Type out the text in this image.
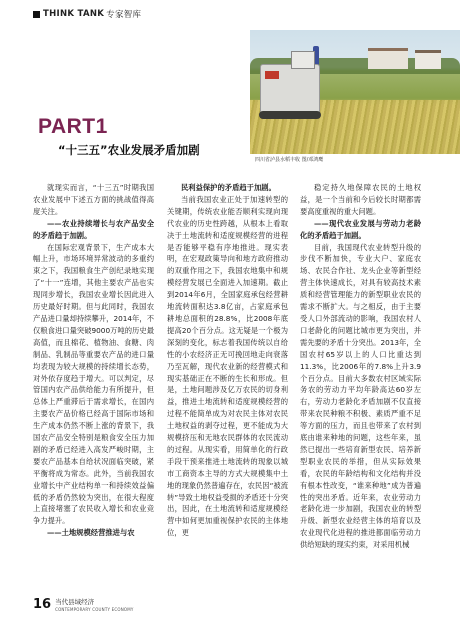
THINK TANK 专家智库
四川省泸县水稻丰收 图/邓鸿鹰
PART1
“十三五”农业发展矛盾加剧

就现实而言，“十三五”时期我国农业发展中下述五方面的挑战值得高度关注。

——农业持续增长与农产品安全的矛盾趋于加剧。

在国际宏观背景下，生产成本大幅上升，市场环境异常波动的多重约束之下，我国粮食生产创纪录地实现了“十一”连增，其他主要农产品也实现同步增长，我国农业增长因此进入历史最好时期。但与此同时，我国农产品进口量却持续攀升，2014年，不仅粮食进口量突破9000万吨的历史最高值，而且棉花、植物油、食糖、肉制品、乳制品等重要农产品的进口量均表现为较大规模的持续增长态势，对外依存度趋于增大。可以判定，尽管国内农产品供给能力有所提升，但总体上严重滞后于需求增长，在国内主要农产品价格已经高于国际市场和生产成本仍然不断上涨的背景下，我国农产品安全特别是粮食安全压力加剧的矛盾已经进入高发严峻时期，主要农产品基本自给状况面临突破，紧平衡将成为常态。此外，当前我国农业增长中产业结构单一和持续效益偏低的矛盾仍然较为突出，在很大程度上直接堵塞了农民收入增长和农业竞争力提升。

——土地规模经营推进与农

民利益保护的矛盾趋于加剧。

当前我国农业正处于加速转型的关键期，传统农业能否顺利实现向现代农业的历史性跨越，从根本上看取决于土地流转和适度规模经营的进程是否能够平稳有序地推进。现实表明，在宏观政策导向和地方政府推动的双重作用之下，我国农地集中和规模经营发展已全面进入加速期。截止到2014年6月，全国家庭承包经营耕地流转面积达3.8亿亩，占家庭承包耕地总面积的28.8%，比2008年底提高20个百分点。这无疑是一个极为深刻的变化，标志着我国传统以自给性的小农经济正无可挽回地走向衰落乃至瓦解，现代农业新的经营模式和现实基础正在不断的生长和形成。但是，土地问题涉及亿万农民的切身利益，推进土地流转和适度规模经营的过程不能简单成为对农民主体对农民土地权益的剥夺过程，更不能成为大规模挤压和无地农民群体的农民流动的过程。从现实看，用简单化的行政手段干预来推进土地流转的现象以城市工商资本主导的方式大规模集中土地的现象仍然普遍存在，农民因“被流转”导致土地权益受损的矛盾还十分突出，因此，在土地流转和适度规模经营中如何更加重视保护农民的主体地位，更

稳定持久地保障农民的土地权益，是一个当前和今后较长时期都需要高度重视的重大问题。

——现代农业发展与劳动力老龄化的矛盾趋于加剧。

目前，我国现代农业转型升级的步伐不断加快，专业大户、家庭农场、农民合作社、龙头企业等新型经营主体快速成长，对具有较高技术素质和经营管理能力的新型职业农民的需求不断扩大。与之相反，由于主要受人口外部流动的影响，我国农村人口老龄化的问题比城市更为突出，并需先要的矛盾十分突出。2013年，全国农村65岁以上的人口比重达到11.3%，比2006年的7.8%上升3.9个百分点。目前大多数农村区域实际务农的劳动力平均年龄高达60岁左右，劳动力老龄化矛盾加剧不仅直接带来农民种粮不积极、素质严重不足等方面的压力，而且也带来了农村到底由谁来种地的问题，这些年来，虽然已提出一些培育新型农民、培养新型职业农民的举措，但从实际效果看，农民的年龄结构和文化结构并没有根本性改变，“谁来种地”成为普遍性的突出矛盾。近年来，农业劳动力老龄化进一步加剧，我国农业的转型升级、新型农业经营主体的培育以及农业现代化进程的推进都面临劳动力供给短缺的现实约束，对采用机械

16 当代县域经济
CONTEMPORARY COUNTY ECONOMY
